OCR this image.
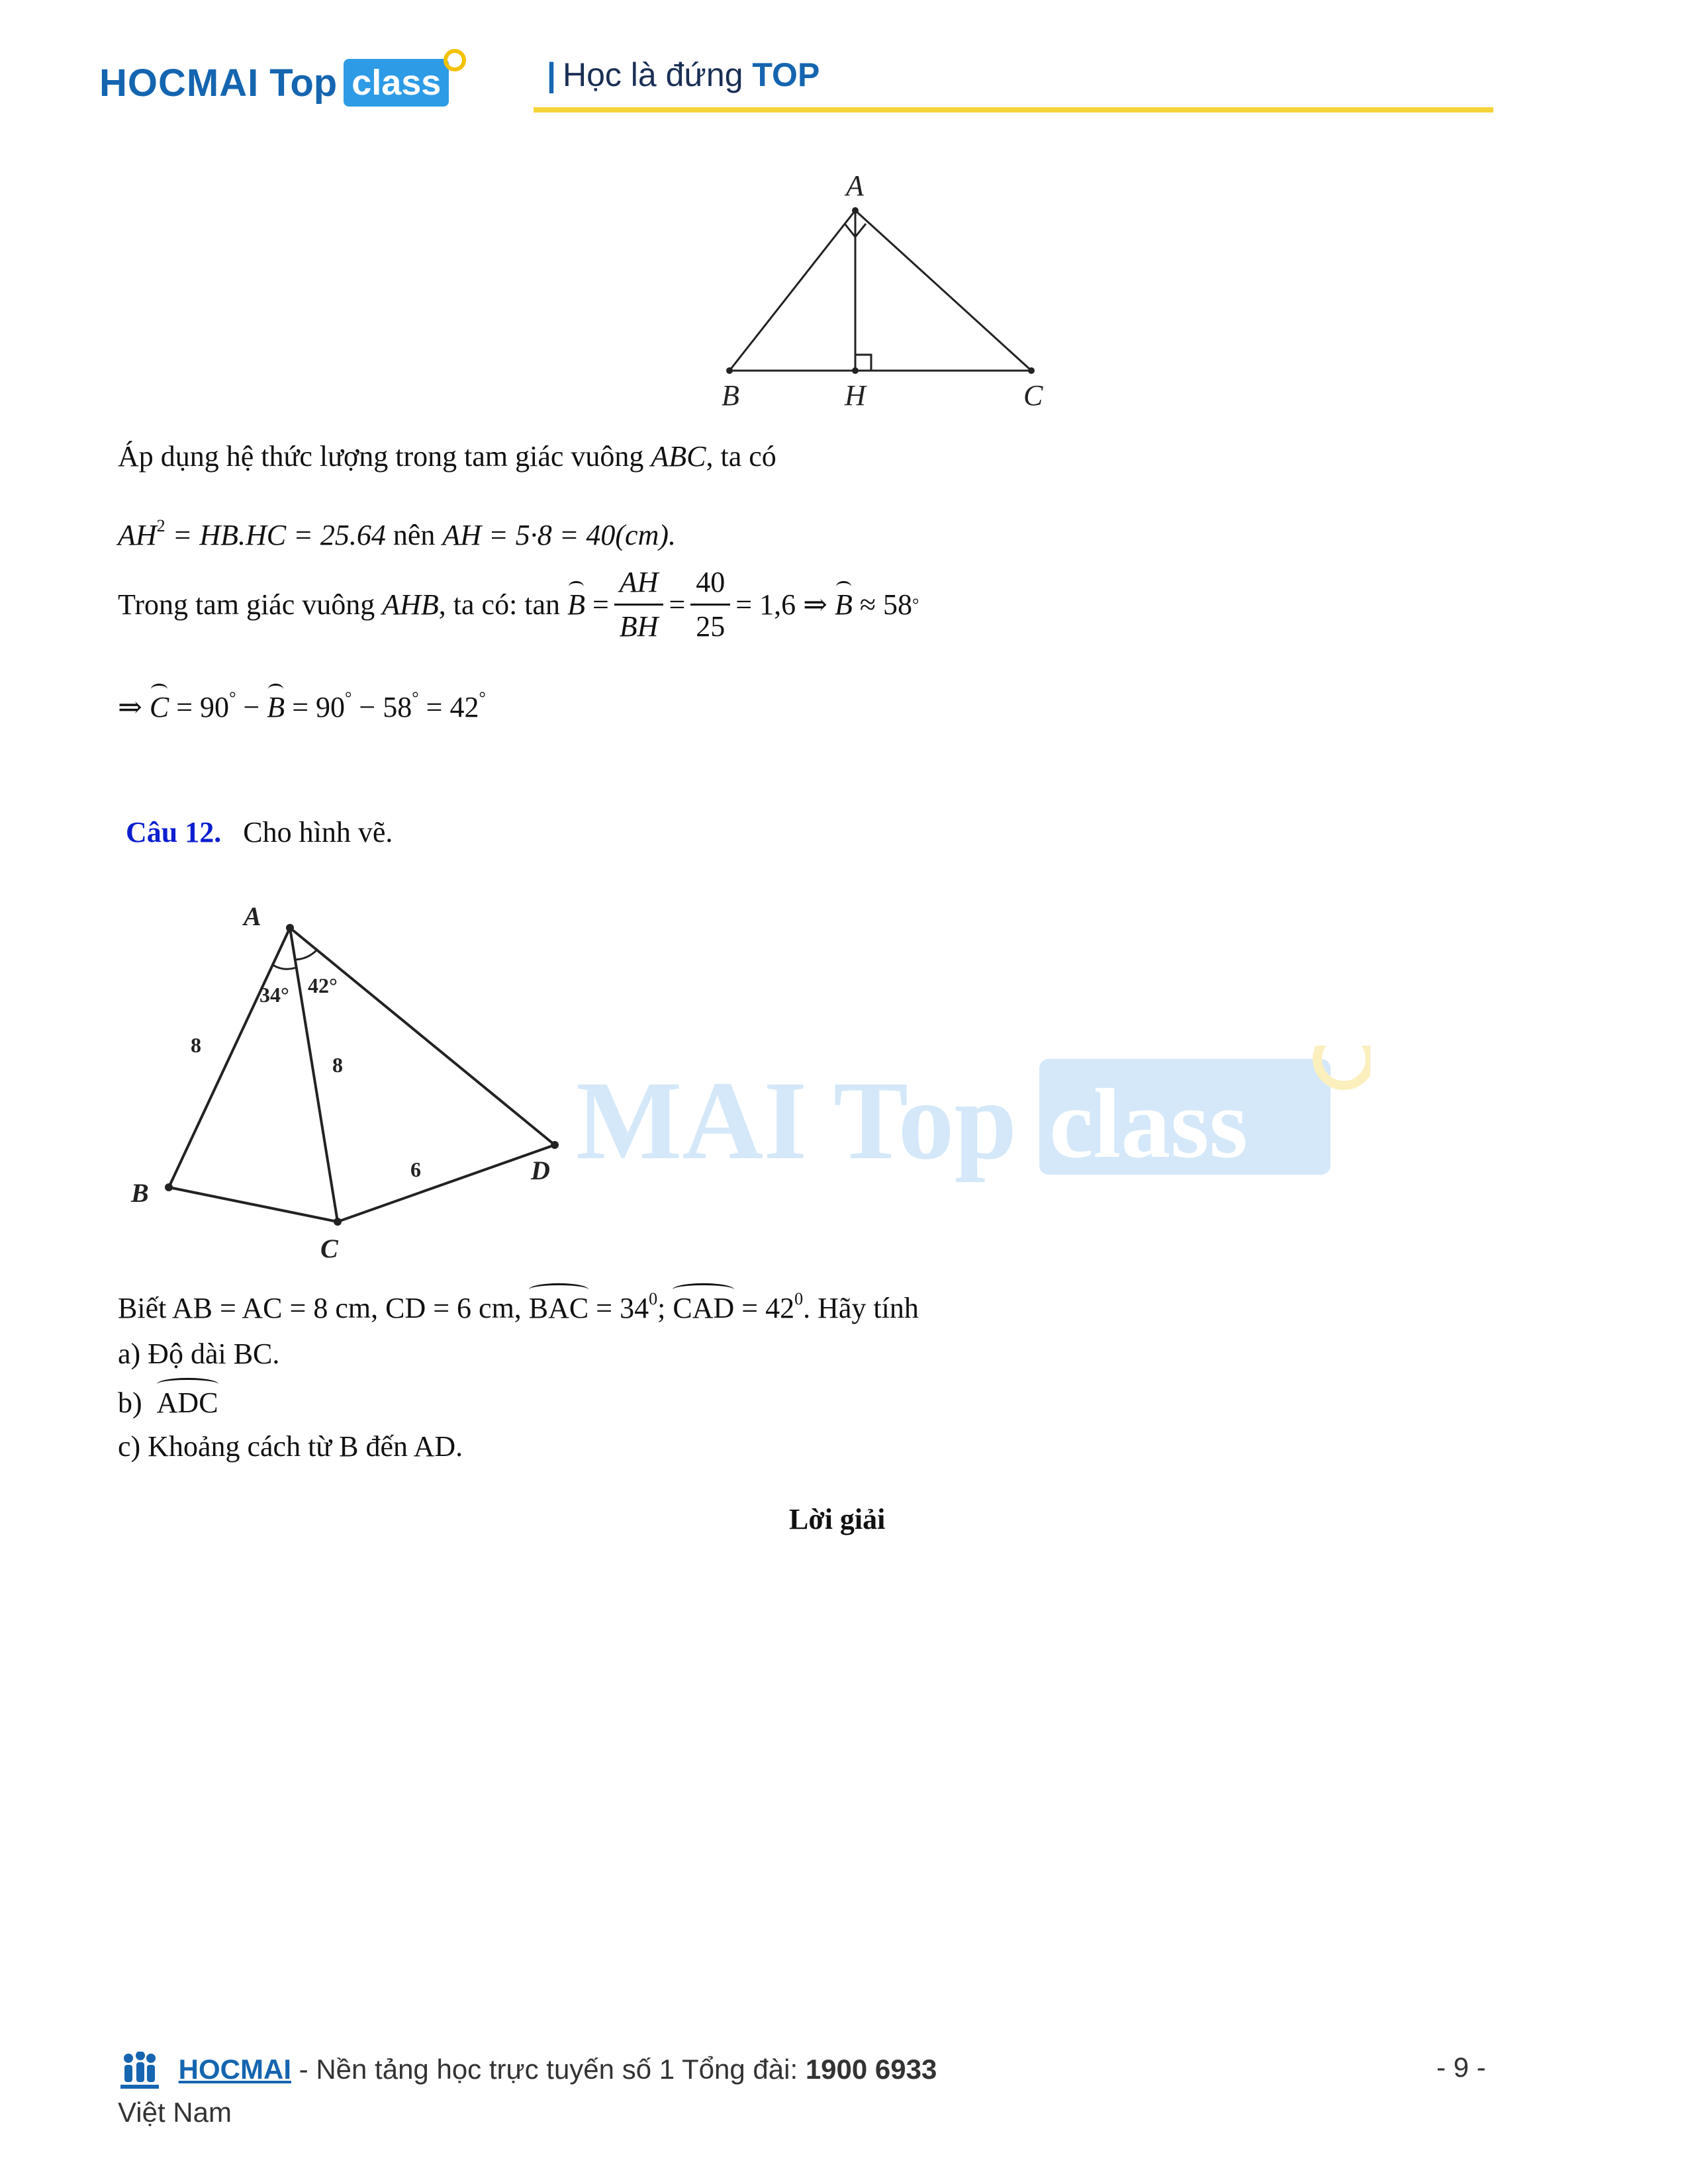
HOCMAI Top class	| Học là đứng TOP
A
B	H	C
Áp dụng hệ thức lượng trong tam giác vuông ABC, ta có
$AH^2 = HB.HC = 25.64$ nên AH = 5·8 = 40(cm).
Trong tam giác vuông
AHB , ta có:
tan
B
= $\frac{AH}{BH} = \frac{40}{25} = 1,6$ ⇒
B
≈ 58 °
⇒ C = 90° − B = 90° − 58° = 42°
Câu 12. Cho hình vẽ.
MAI Top class
A
B
C
D
34° 42°
8
8
6
Biết AB = AC = 8 cm, CD = 6 cm, BAC = $34^0$; CAD = $42^0$. Hãy tính
a) Độ dài BC.
b) ADC
c) Khoảng cách từ B đến AD.
Lời giải
HOCMAI - Nền tảng học trực tuyến số 1 Tổng đài: 1900 6933	- 9 -
Việt Nam
